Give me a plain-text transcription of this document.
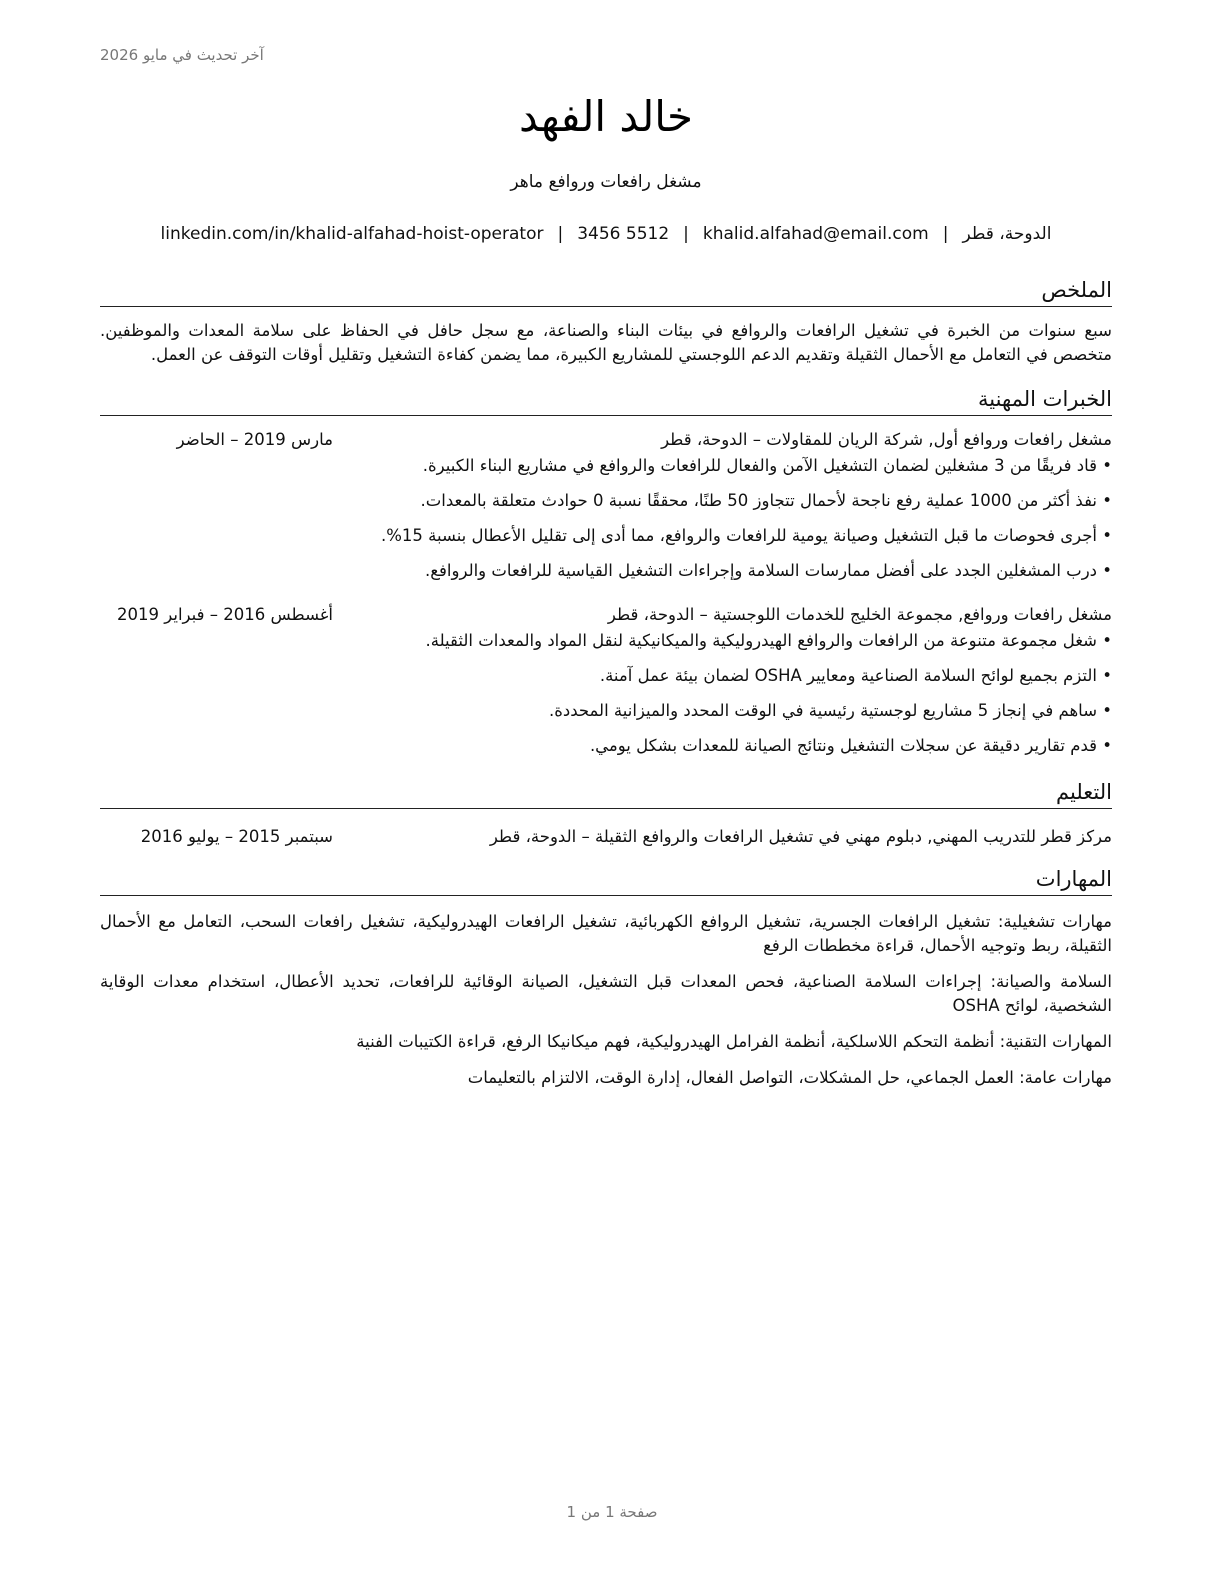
آخر تحديث في مايو 2026
خالد الفهد
مشغل رافعات وروافع ماهر
الدوحة، قطر|khalid.alfahad@email.com|3456 5512|linkedin.com/in/khalid-alfahad-hoist-operator
الملخص

سبع سنوات من الخبرة في تشغيل الرافعات والروافع في بيئات البناء والصناعة، مع سجل حافل في الحفاظ على سلامة المعدات والموظفين. متخصص في التعامل مع الأحمال الثقيلة وتقديم الدعم اللوجستي للمشاريع الكبيرة، مما يضمن كفاءة التشغيل وتقليل أوقات التوقف عن العمل.

الخبرات المهنية
مشغل رافعات وروافع أول, شركة الريان للمقاولات – الدوحة، قطر
مارس 2019 – الحاضر
• قاد فريقًا من 3 مشغلين لضمان التشغيل الآمن والفعال للرافعات والروافع في مشاريع البناء الكبيرة.
• نفذ أكثر من 1000 عملية رفع ناجحة لأحمال تتجاوز 50 طنًا، محققًا نسبة 0 حوادث متعلقة بالمعدات.
• أجرى فحوصات ما قبل التشغيل وصيانة يومية للرافعات والروافع، مما أدى إلى تقليل الأعطال بنسبة 15%.
• درب المشغلين الجدد على أفضل ممارسات السلامة وإجراءات التشغيل القياسية للرافعات والروافع.
مشغل رافعات وروافع, مجموعة الخليج للخدمات اللوجستية – الدوحة، قطر
أغسطس 2016 – فبراير 2019
• شغل مجموعة متنوعة من الرافعات والروافع الهيدروليكية والميكانيكية لنقل المواد والمعدات الثقيلة.
• التزم بجميع لوائح السلامة الصناعية ومعايير OSHA لضمان بيئة عمل آمنة.
• ساهم في إنجاز 5 مشاريع لوجستية رئيسية في الوقت المحدد والميزانية المحددة.
• قدم تقارير دقيقة عن سجلات التشغيل ونتائج الصيانة للمعدات بشكل يومي.
التعليم
مركز قطر للتدريب المهني, دبلوم مهني في تشغيل الرافعات والروافع الثقيلة – الدوحة، قطر
سبتمبر 2015 – يوليو 2016
المهارات
مهارات تشغيلية: تشغيل الرافعات الجسرية، تشغيل الروافع الكهربائية، تشغيل الرافعات الهيدروليكية، تشغيل رافعات السحب، التعامل مع الأحمال الثقيلة، ربط وتوجيه الأحمال، قراءة مخططات الرفع
السلامة والصيانة: إجراءات السلامة الصناعية، فحص المعدات قبل التشغيل، الصيانة الوقائية للرافعات، تحديد الأعطال، استخدام معدات الوقاية الشخصية، لوائح OSHA
المهارات التقنية: أنظمة التحكم اللاسلكية، أنظمة الفرامل الهيدروليكية، فهم ميكانيكا الرفع، قراءة الكتيبات الفنية
مهارات عامة: العمل الجماعي، حل المشكلات، التواصل الفعال، إدارة الوقت، الالتزام بالتعليمات
صفحة 1 من 1
